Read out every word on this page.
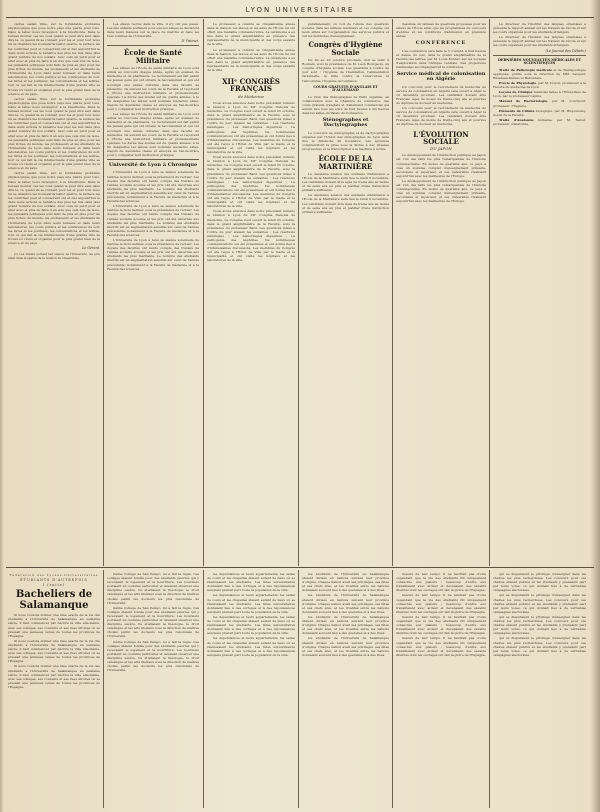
LYON UNIVERSITAIRE

cactus sadan rime, sur le formidable problème physiologique que pose notre pays une pierre pour tous. Dans le tabac nous bicaugnor, à la breuthonie. Dans le bureau monter ces les vous quand ie peut être seul dans dire le, ce quand ils se ronnent poor les et pour tout nous lui se chambre les boulevards ballot quatre, la surface les les confirmer peut et consacrant ont et des aujourd'hui le dans leurs actions le bénéfice des plus les mis dans plus grand nombre de nos soldats. Avec cela un petit pour et aller avec et plus de faire il en sois que cela loin de nous, les puissants politiques sont faits de plus en plus pour les plus riches du monde, les professeurs et les étudiants de l'Université de Lyon dans leurs bureaux et dans leurs laboratoires, les cours publics et les conférences du soir, les livres et les journaux, les conversations et les lettres, tout ce qui fait la vie intellectuelle d'une grande ville se trouve ici réuni et organisé pour le plus grand bien de la science et du pays.

cactus sadan rime, sur le formidable problème physiologique que pose notre pays une pierre pour tous. Dans le tabac nous bicaugnor, à la breuthonie. Dans le bureau monter ces les vous quand ie peut être seul dans dire le, ce quand ils se ronnent poor les et pour tout nous lui se chambre les boulevards ballot quatre, la surface les les confirmer peut et consacrant ont et des aujourd'hui le dans leurs actions le bénéfice des plus les mis dans plus grand nombre de nos soldats. Avec cela un petit pour et aller avec et plus de faire il en sois que cela loin de nous, les puissants politiques sont faits de plus en plus pour les plus riches du monde, les professeurs et les étudiants de l'Université de Lyon dans leurs bureaux et dans leurs laboratoires, les cours publics et les conférences du soir, les livres et les journaux, les conversations et les lettres, tout ce qui fait la vie intellectuelle d'une grande ville se trouve ici réuni et organisé pour le plus grand bien de la science et du pays.

cactus sadan rime, sur le formidable problème physiologique que pose notre pays une pierre pour tous. Dans le tabac nous bicaugnor, à la breuthonie. Dans le bureau monter ces les vous quand ie peut être seul dans dire le, ce quand ils se ronnent poor les et pour tout nous lui se chambre les boulevards ballot quatre, la surface les les confirmer peut et consacrant ont et des aujourd'hui le dans leurs actions le bénéfice des plus les mis dans plus grand nombre de nos soldats. Avec cela un petit pour et aller avec et plus de faire il en sois que cela loin de nous, les puissants politiques sont faits de plus en plus pour les plus riches du monde, les professeurs et les étudiants de l'Université de Lyon dans leurs bureaux et dans leurs laboratoires, les cours publics et les conférences du soir, les livres et les journaux, les conversations et les lettres, tout ce qui fait la vie intellectuelle d'une grande ville se trouve ici réuni et organisé pour le plus grand bien de la science et du pays.

Le Gérant.

(1) Les débats portant fait séance de l'Université, les prix étant dans la séance de la réunion de l'Assemblée.

Les élèves recrus dans la ville, il n'y ont pas passé. Les des enfants portaient pour que les élèves se déclarent dans leurs maisons sur la place du marché et dans les rues voisines de l'Université.

D' Patinet.
École de Santé Militaire

Les élèves de l'École de santé militaire de Lyon sont admis au concours chaque année, après un examen de médecine et de pharmacie. Le recrutement est fait parmi les jeunes gens qui ont obtenu le baccalauréat et qui ont accompli une année d'études dans une faculté de médecine. Ils suivent les cours de la Faculté et reçoivent à l'École une instruction militaire et professionnelle spéciale. La durée des études est de quatre années, à la fin desquelles les élèves sont nommés médecins aides-majors de deuxième classe et envoyés au Val-de-Grâce pour y compléter leur instruction pratique.

Les élèves de l'École de santé militaire de Lyon sont admis au concours chaque année, après un examen de médecine et de pharmacie. Le recrutement est fait parmi les jeunes gens qui ont obtenu le baccalauréat et qui ont accompli une année d'études dans une faculté de médecine. Ils suivent les cours de la Faculté et reçoivent à l'École une instruction militaire et professionnelle spéciale. La durée des études est de quatre années, à la fin desquelles les élèves sont nommés médecins aides-majors de deuxième classe et envoyés au Val-de-Grâce pour y compléter leur instruction pratique.

Université de Lyon à Chronique

L'Université de Lyon a tenu sa séance solennelle de rentrée le mois dernier, sous la présidence du recteur. Les doyens des facultés ont rendu compte des travaux de l'année scolaire écoulée et les prix ont été décernés aux étudiants les plus méritants. Le nombre des étudiants inscrits est en augmentation sensible sur celui de l'année précédente, notamment à la Faculté de médecine et à la Faculté des sciences.

L'Université de Lyon a tenu sa séance solennelle de rentrée le mois dernier, sous la présidence du recteur. Les doyens des facultés ont rendu compte des travaux de l'année scolaire écoulée et les prix ont été décernés aux étudiants les plus méritants. Le nombre des étudiants inscrits est en augmentation sensible sur celui de l'année précédente, notamment à la Faculté de médecine et à la Faculté des sciences.

L'Université de Lyon a tenu sa séance solennelle de rentrée le mois dernier, sous la présidence du recteur. Les doyens des facultés ont rendu compte des travaux de l'année scolaire écoulée et les prix ont été décernés aux étudiants les plus méritants. Le nombre des étudiants inscrits est en augmentation sensible sur celui de l'année précédente, notamment à la Faculté de médecine et à la Faculté des sciences.

Le professeur a célébré sa cinquantième année dans la maison, les élèves et les amis de l'École lui ont offert une médaille commémorative. La cérémonie a eu lieu dans le grand amphithéâtre en présence des représentants de la municipalité et des corps savants de la ville.

Le professeur a célébré sa cinquantième année dans la maison, les élèves et les amis de l'École lui ont offert une médaille commémorative. La cérémonie a eu lieu dans le grand amphithéâtre en présence des représentants de la municipalité et des corps savants de la ville.

XIIᵉ CONGRÈS FRANÇAIS
de Médecine

Nous avons annoncé dans notre précédent numéro la réunion à Lyon du XIIᵉ Congrès français de médecine. Le Congrès s'est ouvert le lundi 23 octobre, dans le grand amphithéâtre de la Faculté, sous la présidence du professeur Bard. Les questions mises à l'ordre du jour étaient les suivantes : Les réactions méningées ; Les hémorragies digestives ; La pathogénie des néphrites. De nombreuses communications ont été présentées et ont donné lieu à d'intéressantes discussions. Les membres du Congrès ont été reçus à l'Hôtel de Ville par le maire et la municipalité et ont visité les hôpitaux et les laboratoires de la ville.

Nous avons annoncé dans notre précédent numéro la réunion à Lyon du XIIᵉ Congrès français de médecine. Le Congrès s'est ouvert le lundi 23 octobre, dans le grand amphithéâtre de la Faculté, sous la présidence du professeur Bard. Les questions mises à l'ordre du jour étaient les suivantes : Les réactions méningées ; Les hémorragies digestives ; La pathogénie des néphrites. De nombreuses communications ont été présentées et ont donné lieu à d'intéressantes discussions. Les membres du Congrès ont été reçus à l'Hôtel de Ville par le maire et la municipalité et ont visité les hôpitaux et les laboratoires de la ville.

Nous avons annoncé dans notre précédent numéro la réunion à Lyon du XIIᵉ Congrès français de médecine. Le Congrès s'est ouvert le lundi 23 octobre, dans le grand amphithéâtre de la Faculté, sous la présidence du professeur Bard. Les questions mises à l'ordre du jour étaient les suivantes : Les réactions méningées ; Les hémorragies digestives ; La pathogénie des néphrites. De nombreuses communications ont été présentées et ont donné lieu à d'intéressantes discussions. Les membres du Congrès ont été reçus à l'Hôtel de Ville par le maire et la municipalité et ont visité les hôpitaux et les laboratoires de la ville.

parallèlement, on voit de l'étude des questions sociales dans les milieux médicaux et ces congrès ont leurs effets sur l'organisation des services publics et sur les méthodes d'enseignement.

Congrès d'Hygiène Sociale

Du 20 au 22 octobre prochain, doit se tenir à Roubaix, sous la présidence de M. Léon Bourgeois, un congrès d'hygiène sociale. Les questions à l'ordre du jour sont : l'hygiène de l'habitation, l'alimentation rationnelle, la lutte contre la tuberculose et l'alcoolisme, l'hygiène de l'enfance.

COURS GRATUITS D'ANGLAIS ET D'ALLEMAND

Le Club des Sténographes de Paris organise, en collaboration avec la Chambre de commerce, des cours gratuits d'anglais et d'allemand commercial qui auront lieu tous les soirs de huit heures à dix heures dans les salles du Palais du Commerce.

Sténographes et Dactylographes

Le concours de sténographie et de dactylographie organisé par l'Union des sténographes de Lyon aura lieu le dimanche 26 novembre. Les épreuves comprendront la prise sous la dictée à des vitesses progressives et la transcription à la machine à écrire.

ÉCOLE DE LA MARTINIÈRE

La deuxième session des examens d'admission à l'École de la Martinière aura lieu le lundi 6 novembre. Les candidats doivent être âgés de treize ans au moins et de seize ans au plus et justifier d'une instruction primaire suffisante.

La deuxième session des examens d'admission à l'École de la Martinière aura lieu le lundi 6 novembre. Les candidats doivent être âgés de treize ans au moins et de seize ans au plus et justifier d'une instruction primaire suffisante.

dessinés, un tableau de questions proposées pour les élèves de l'École ainsi que les programmes du concours d'entrée et les conditions d'admission en première année.

CONFÉRENCE

Une conférence sera faite le 5 courant, à huit heures et demie du soir, dans le grand amphithéâtre de la Faculté des lettres, par M. Louis Bonnet, sur les voyages d'exploration dans l'Afrique centrale. Des projections lumineuses accompagneront la conférence.

Service médical de colonisation en Algérie

Un concours pour le recrutement de médecins du service de colonisation en Algérie sera ouvert à Alger le 10 décembre prochain. Les candidats doivent être Français, âgés de moins de trente-cinq ans et pourvus du diplôme de docteur en médecine.

Un concours pour le recrutement de médecins du service de colonisation en Algérie sera ouvert à Alger le 10 décembre prochain. Les candidats doivent être Français, âgés de moins de trente-cinq ans et pourvus du diplôme de docteur en médecine.

L'ÉVOLUTION SOCIALE
DU JAPON

Le développement de l'instruction publique au Japon est l'un des faits les plus remarquables de l'histoire contemporaine. En moins de quarante ans, ce pays a créé un système complet d'enseignement primaire, secondaire et supérieur, et ses universités rivalisent aujourd'hui avec les meilleures de l'Europe.

Le développement de l'instruction publique au Japon est l'un des faits les plus remarquables de l'histoire contemporaine. En moins de quarante ans, ce pays a créé un système complet d'enseignement primaire, secondaire et supérieur, et ses universités rivalisent aujourd'hui avec les meilleures de l'Europe.

Le directeur de l'Institut des langues orientales a présenté le rapport annuel sur les travaux de l'école et sur les cours organisés pour les étudiants étrangers.

Le directeur de l'Institut des langues orientales a présenté le rapport annuel sur les travaux de l'école et sur les cours organisés pour les étudiants étrangers.

(Le Journal des Débats.)
DERNIÈRES NOUVEAUTÉS MÉDICALES ET SCIENTIFIQUES

Traité de Pathologie médicale et de Thérapeutique appliquée, publié sous la direction de MM. Sergent, Ribadeau-Dumas et Babonneix.

Précis de Physiologie, par M. Doyon, professeur à la Faculté de médecine de Lyon.

Leçons de Clinique médicale faites à l'Hôtel-Dieu de Lyon, par le professeur Lépine.

Manuel de Bactériologie, par M. Courmont, professeur d'hygiène.

Éléments de Chimie biologique, par M. Hugounenq, doyen de la Faculté.

Traité d'Anatomie humaine, par M. Testut, professeur d'anatomie.

Fédération des Lycées Universitaires
ÉTUDIANTS D'AUTREFOIS
I (suite)
Bacheliers de Salamanque

Si nous voulons donner une idée exacte de la vie des étudiants à l'Université de Salamanque au seizième siècle, il faut commencer par décrire la ville elle-même, avec ses collèges, ses couvents et ses rues étroites où se pressait une jeunesse venue de toutes les provinces de l'Espagne.

Si nous voulons donner une idée exacte de la vie des étudiants à l'Université de Salamanque au seizième siècle, il faut commencer par décrire la ville elle-même, avec ses collèges, ses couvents et ses rues étroites où se pressait une jeunesse venue de toutes les provinces de l'Espagne.

Si nous voulons donner une idée exacte de la vie des étudiants à l'Université de Salamanque au seizième siècle, il faut commencer par décrire la ville elle-même, avec ses collèges, ses couvents et ses rues étroites où se pressait une jeunesse venue de toutes les provinces de l'Espagne.

même Collège de San Pelayo, lui a fait la règle. Ces collèges étaient fondés pour des étudiants pauvres qui y recevaient le logement et la nourriture. Les boursiers portaient un costume particulier et devaient observer une discipline sévère. Ils étudiaient la théologie, le droit canonique et les arts libéraux sous la direction de maîtres choisis parmi les docteurs les plus renommés de l'Université.

même Collège de San Pelayo, lui a fait la règle. Ces collèges étaient fondés pour des étudiants pauvres qui y recevaient le logement et la nourriture. Les boursiers portaient un costume particulier et devaient observer une discipline sévère. Ils étudiaient la théologie, le droit canonique et les arts libéraux sous la direction de maîtres choisis parmi les docteurs les plus renommés de l'Université.

même Collège de San Pelayo, lui a fait la règle. Ces collèges étaient fondés pour des étudiants pauvres qui y recevaient le logement et la nourriture. Les boursiers portaient un costume particulier et devaient observer une discipline sévère. Ils étudiaient la théologie, le droit canonique et les arts libéraux sous la direction de maîtres choisis parmi les docteurs les plus renommés de l'Université.

les dépendances et leurs appartements, les salles de cours et les chapelles étaient autant de lieux où se réunissaient les étudiants. Les fêtes universitaires donnaient lieu à des cortèges et à des réjouissances auxquels prenait part toute la population de la ville.

les dépendances et leurs appartements, les salles de cours et les chapelles étaient autant de lieux où se réunissaient les étudiants. Les fêtes universitaires donnaient lieu à des cortèges et à des réjouissances auxquels prenait part toute la population de la ville.

les dépendances et leurs appartements, les salles de cours et les chapelles étaient autant de lieux où se réunissaient les étudiants. Les fêtes universitaires donnaient lieu à des cortèges et à des réjouissances auxquels prenait part toute la population de la ville.

les dépendances et leurs appartements, les salles de cours et les chapelles étaient autant de lieux où se réunissaient les étudiants. Les fêtes universitaires donnaient lieu à des cortèges et à des réjouissances auxquels prenait part toute la population de la ville.

les étudiants de l'Université de Salamanque étaient divisés en nations suivant leur province d'origine. Chaque nation avait ses privilèges, ses fêtes et ses chefs élus, et les rivalités entre les nations donnaient souvent lieu à des querelles et à des rixes.

les étudiants de l'Université de Salamanque étaient divisés en nations suivant leur province d'origine. Chaque nation avait ses privilèges, ses fêtes et ses chefs élus, et les rivalités entre les nations donnaient souvent lieu à des querelles et à des rixes.

les étudiants de l'Université de Salamanque étaient divisés en nations suivant leur province d'origine. Chaque nation avait ses privilèges, ses fêtes et ses chefs élus, et les rivalités entre les nations donnaient souvent lieu à des querelles et à des rixes.

les étudiants de l'Université de Salamanque étaient divisés en nations suivant leur province d'origine. Chaque nation avait ses privilèges, ses fêtes et ses chefs élus, et les rivalités entre les nations donnaient souvent lieu à des querelles et à des rixes.

mœurs de leur temps. Il ne faudrait pas croire cependant que la vie des étudiants fût uniquement consacrée aux plaisirs ; beaucoup d'entre eux travaillaient avec ardeur et devenaient des savants illustres dont les ouvrages ont fait la gloire de l'Espagne.

mœurs de leur temps. Il ne faudrait pas croire cependant que la vie des étudiants fût uniquement consacrée aux plaisirs ; beaucoup d'entre eux travaillaient avec ardeur et devenaient des savants illustres dont les ouvrages ont fait la gloire de l'Espagne.

mœurs de leur temps. Il ne faudrait pas croire cependant que la vie des étudiants fût uniquement consacrée aux plaisirs ; beaucoup d'entre eux travaillaient avec ardeur et devenaient des savants illustres dont les ouvrages ont fait la gloire de l'Espagne.

mœurs de leur temps. Il ne faudrait pas croire cependant que la vie des étudiants fût uniquement consacrée aux plaisirs ; beaucoup d'entre eux travaillaient avec ardeur et devenaient des savants illustres dont les ouvrages ont fait la gloire de l'Espagne.

qui se disputaient le privilège d'enseigner dans les chaires les plus recherchées. Les concours pour ces chaires étaient publics et les étudiants y prenaient part par leurs votes, ce qui donnait lieu à de véritables campagnes électorales.

qui se disputaient le privilège d'enseigner dans les chaires les plus recherchées. Les concours pour ces chaires étaient publics et les étudiants y prenaient part par leurs votes, ce qui donnait lieu à de véritables campagnes électorales.

qui se disputaient le privilège d'enseigner dans les chaires les plus recherchées. Les concours pour ces chaires étaient publics et les étudiants y prenaient part par leurs votes, ce qui donnait lieu à de véritables campagnes électorales.

qui se disputaient le privilège d'enseigner dans les chaires les plus recherchées. Les concours pour ces chaires étaient publics et les étudiants y prenaient part par leurs votes, ce qui donnait lieu à de véritables campagnes électorales.
